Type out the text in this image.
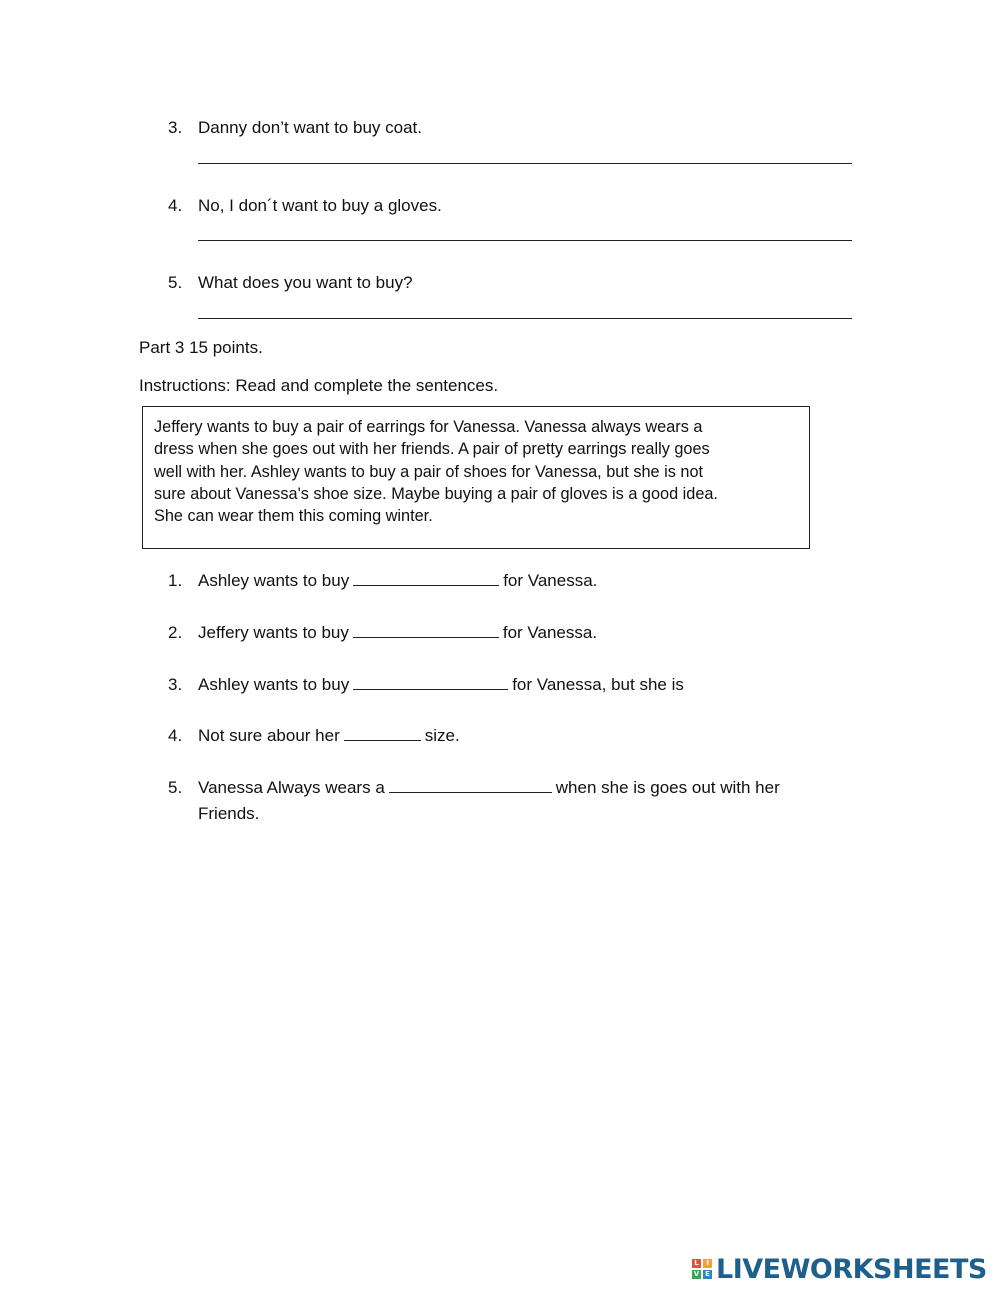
3. Danny don’t want to buy coat.
4. No, I don´t want to buy a gloves.
5. What does you want to buy?
Part 3 15 points.
Instructions: Read and complete the sentences.
Jeffery wants to buy a pair of earrings for Vanessa. Vanessa always wears a
dress when she goes out with her friends. A pair of pretty earrings really goes
well with her. Ashley wants to buy a pair of shoes for Vanessa, but she is not
sure about Vanessa's shoe size. Maybe buying a pair of gloves is a good idea.
She can wear them this coming winter.
1. Ashley wants to buy	for Vanessa.
2. Jeffery wants to buy	for Vanessa.
3. Ashley wants to buy	for Vanessa, but she is
4. Not sure abour her	size.
5. Vanessa Always wears a	when she is goes out with her
Friends.
L	I
V E LIVEWORKSHEETS
